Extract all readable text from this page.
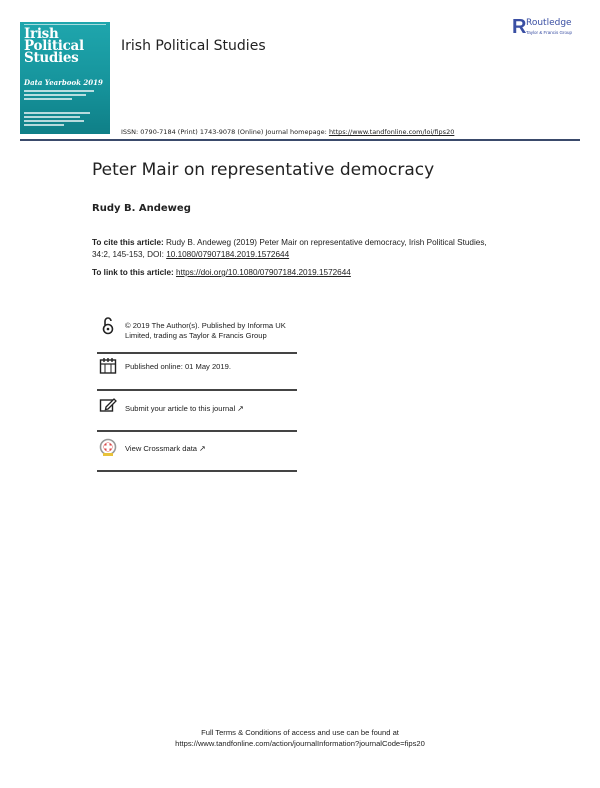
Irish
Political
Studies
Data Yearbook 2019
Irish Political Studies
R Routledge
Taylor & Francis Group
ISSN: 0790-7184 (Print) 1743-9078 (Online) Journal homepage: https://www.tandfonline.com/loi/fips20
Peter Mair on representative democracy
Rudy B. Andeweg
To cite this article: Rudy B. Andeweg (2019) Peter Mair on representative democracy, Irish Political Studies, 34:2, 145-153, DOI: 10.1080/07907184.2019.1572644
To link to this article: https://doi.org/10.1080/07907184.2019.1572644
© 2019 The Author(s). Published by Informa UK Limited, trading as Taylor & Francis Group
Published online: 01 May 2019.
Submit your article to this journal ↗
View Crossmark data ↗
Full Terms & Conditions of access and use can be found at
https://www.tandfonline.com/action/journalInformation?journalCode=fips20
